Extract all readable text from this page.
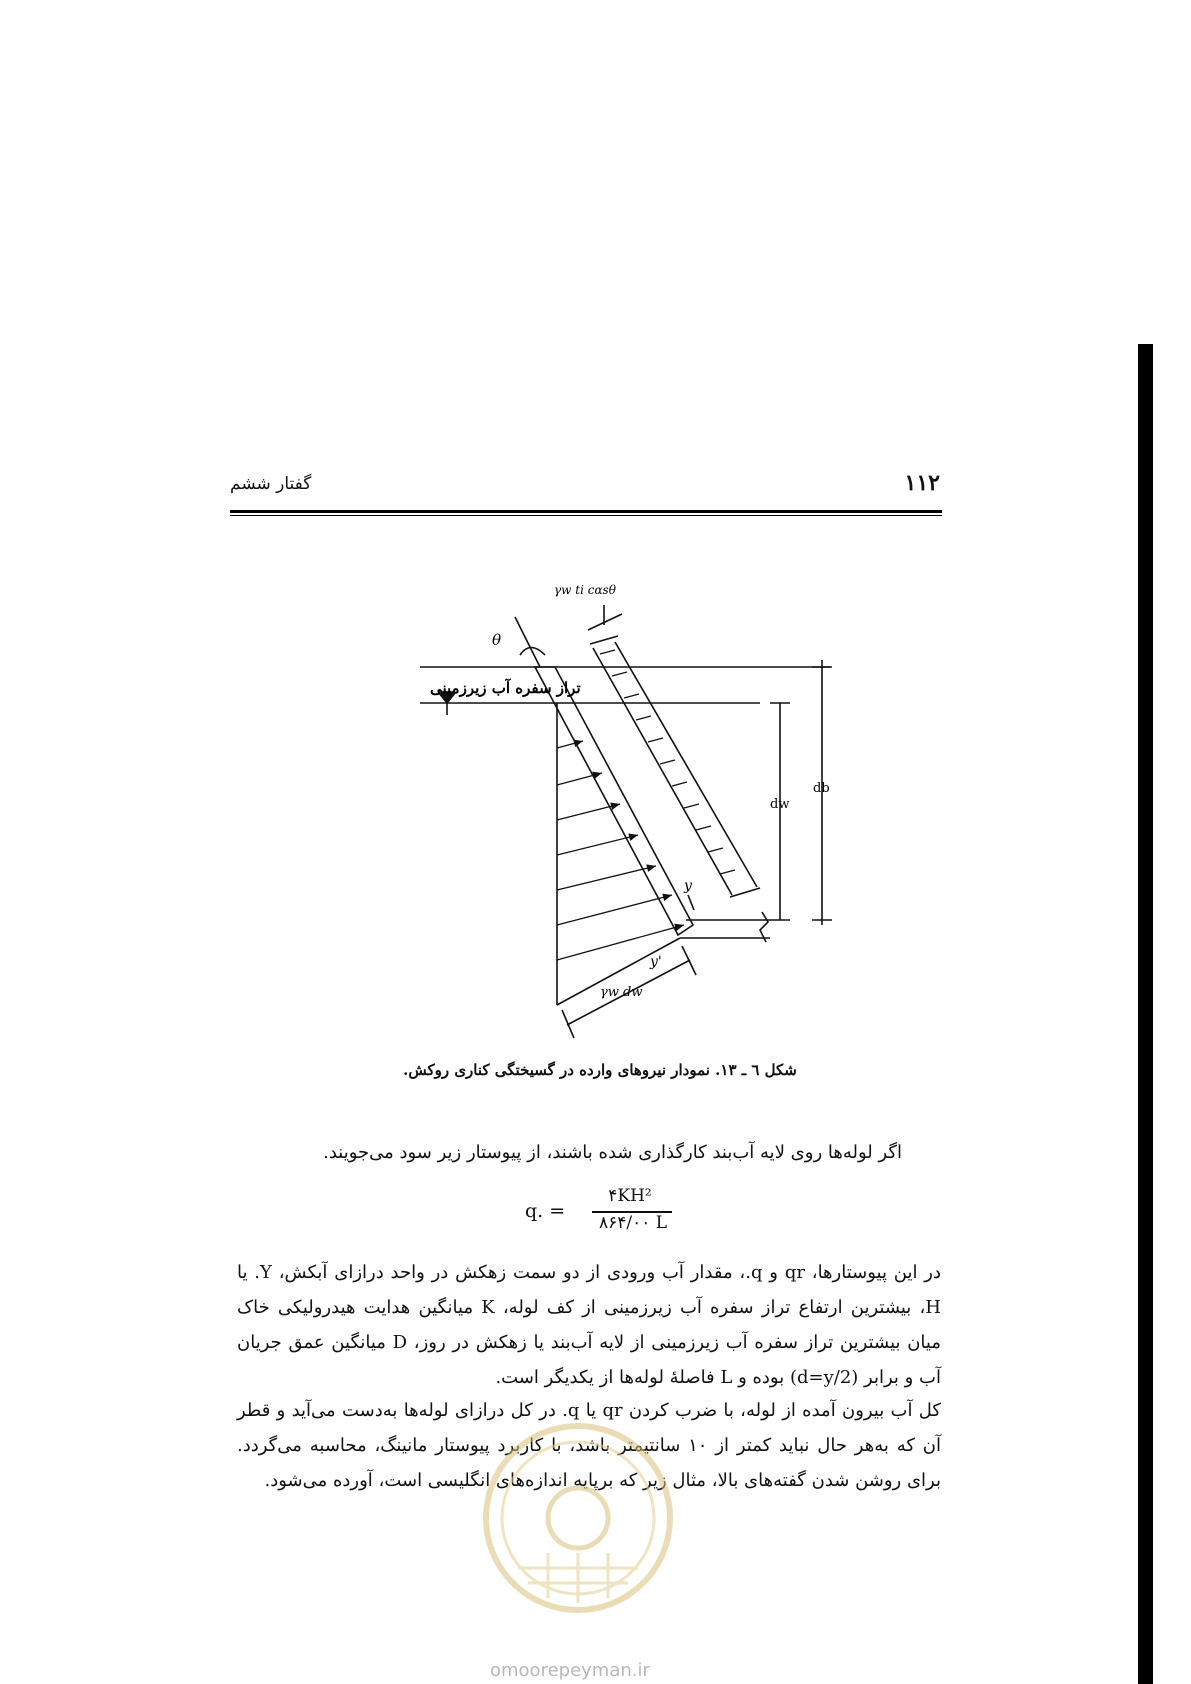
گفتار ششم	۱۱۲
تراز سفره آب زیرزمینی
θ
γw ti cαsθ
dw
db
y
y'
γw dw
شکل ٦ ـ ١٣. نمودار نیروهای وارده در گسیختگی کناری روکش.
اگر لوله‌ها روی لایه آب‌بند کارگذاری شده باشند، از پیوستار زیر سود می‌جویند.
q. =
۴KH²
۸۶۴/۰۰ L
در این پیوستارها، qr و q.، مقدار آب ورودی از دو سمت زهکش در واحد درازای آبکش، Y. یا H، بیشترین ارتفاع تراز سفره آب زیرزمینی از کف لوله، K میانگین هدایت هیدرولیکی خاک میان بیشترین تراز سفره آب زیرزمینی از لایه آب‌بند یا زهکش در روز، D میانگین عمق جریان آب و برابر (d=y/2) بوده و L فاصلهٔ لوله‌ها از یکدیگر است.
کل آب بیرون آمده از لوله، با ضرب کردن qr یا q. در کل درازای لوله‌ها به‌دست می‌آید و قطر آن که به‌هر حال نباید کمتر از ۱۰ سانتیمتر باشد، با کاربرد پیوستار مانینگ، محاسبه می‌گردد. برای روشن شدن گفته‌های بالا، مثال زیر که برپایه اندازه‌های انگلیسی است، آورده می‌شود.
omoorepeyman.ir
